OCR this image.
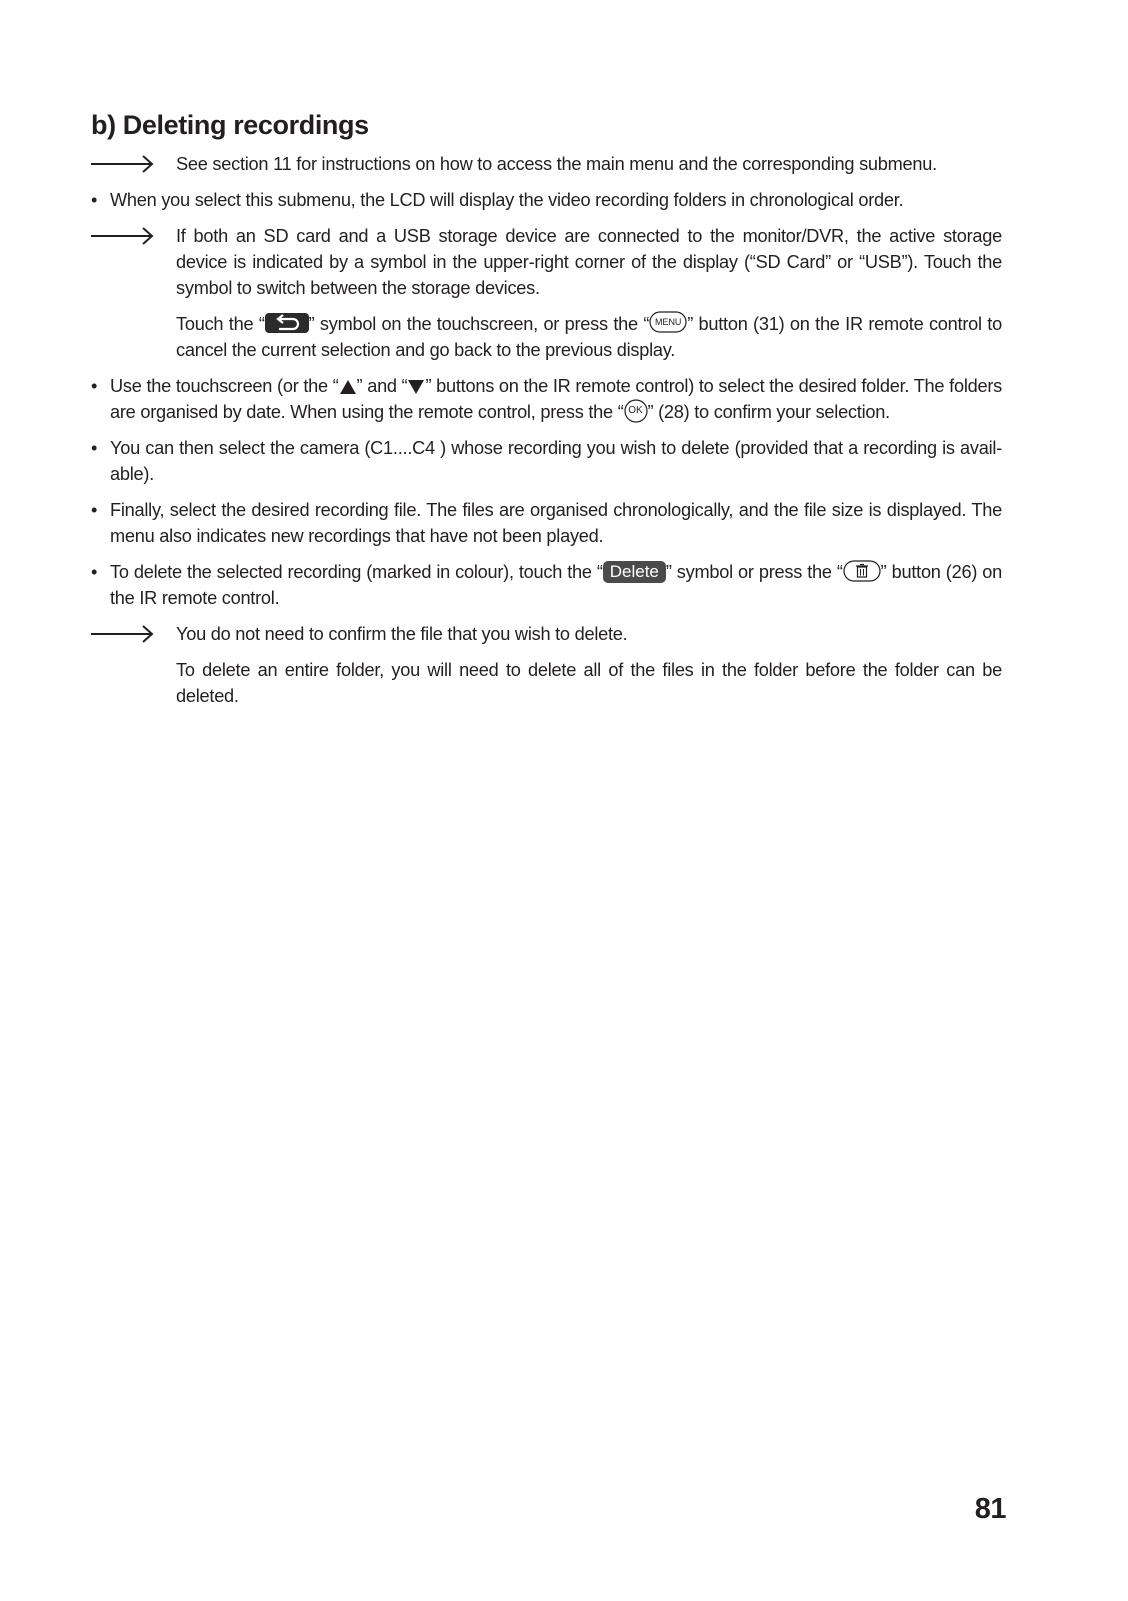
b) Deleting recordings

See section 11 for instructions on how to access the main menu and the corresponding submenu.

• When you select this submenu, the LCD will display the video recording folders in chronological order.

If both an SD card and a USB storage device are connected to the monitor/DVR, the active storage device is indicated by a symbol in the upper-right corner of the display (“SD Card” or “USB”). Touch the symbol to switch between the storage devices.

Touch the “ ” symbol on the touchscreen, or press the “ MENU ” button (31) on the IR remote control to cancel the current selection and go back to the previous display.

• Use the touchscreen (or the “ ” and “ ” buttons on the IR remote control) to select the desired folder. The folders are organised by date. When using the remote control, press the “ OK ” (28) to confirm your selection.

• You can then select the camera (C1....C4 ) whose recording you wish to delete (provided that a recording is avail-able).

• Finally, select the desired recording file. The files are organised chronologically, and the file size is displayed. The menu also indicates new recordings that have not been played.

• To delete the selected recording (marked in colour), touch the “ Delete ” symbol or press the “ ” button (26) on the IR remote control.

You do not need to confirm the file that you wish to delete.

To delete an entire folder, you will need to delete all of the files in the folder before the folder can be deleted.

81
